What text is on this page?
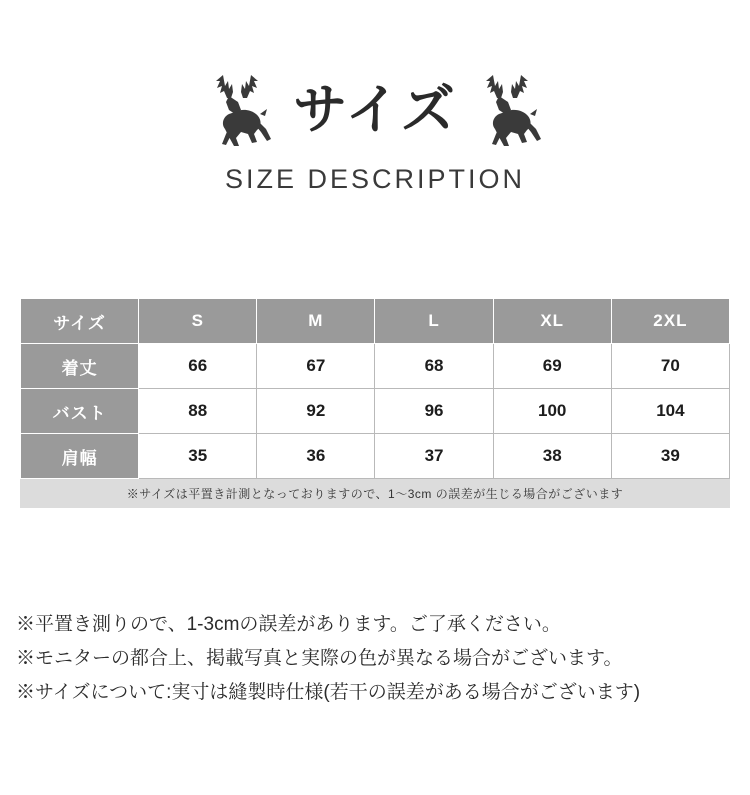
サイズ
SIZE DESCRIPTION
サイズ	S	M	L	XL	2XL
着丈	66	67	68	69	70
バスト	88	92	96	100	104
肩幅	35	36	37	38	39
※サイズは平置き計測となっておりますので、1～3cm の誤差が生じる場合がございます					
※平置き測りので、1-3cmの誤差があります。ご了承ください。
※モニターの都合上、掲載写真と実際の色が異なる場合がございます。
※サイズについて:実寸は縫製時仕様(若干の誤差がある場合がございます)
